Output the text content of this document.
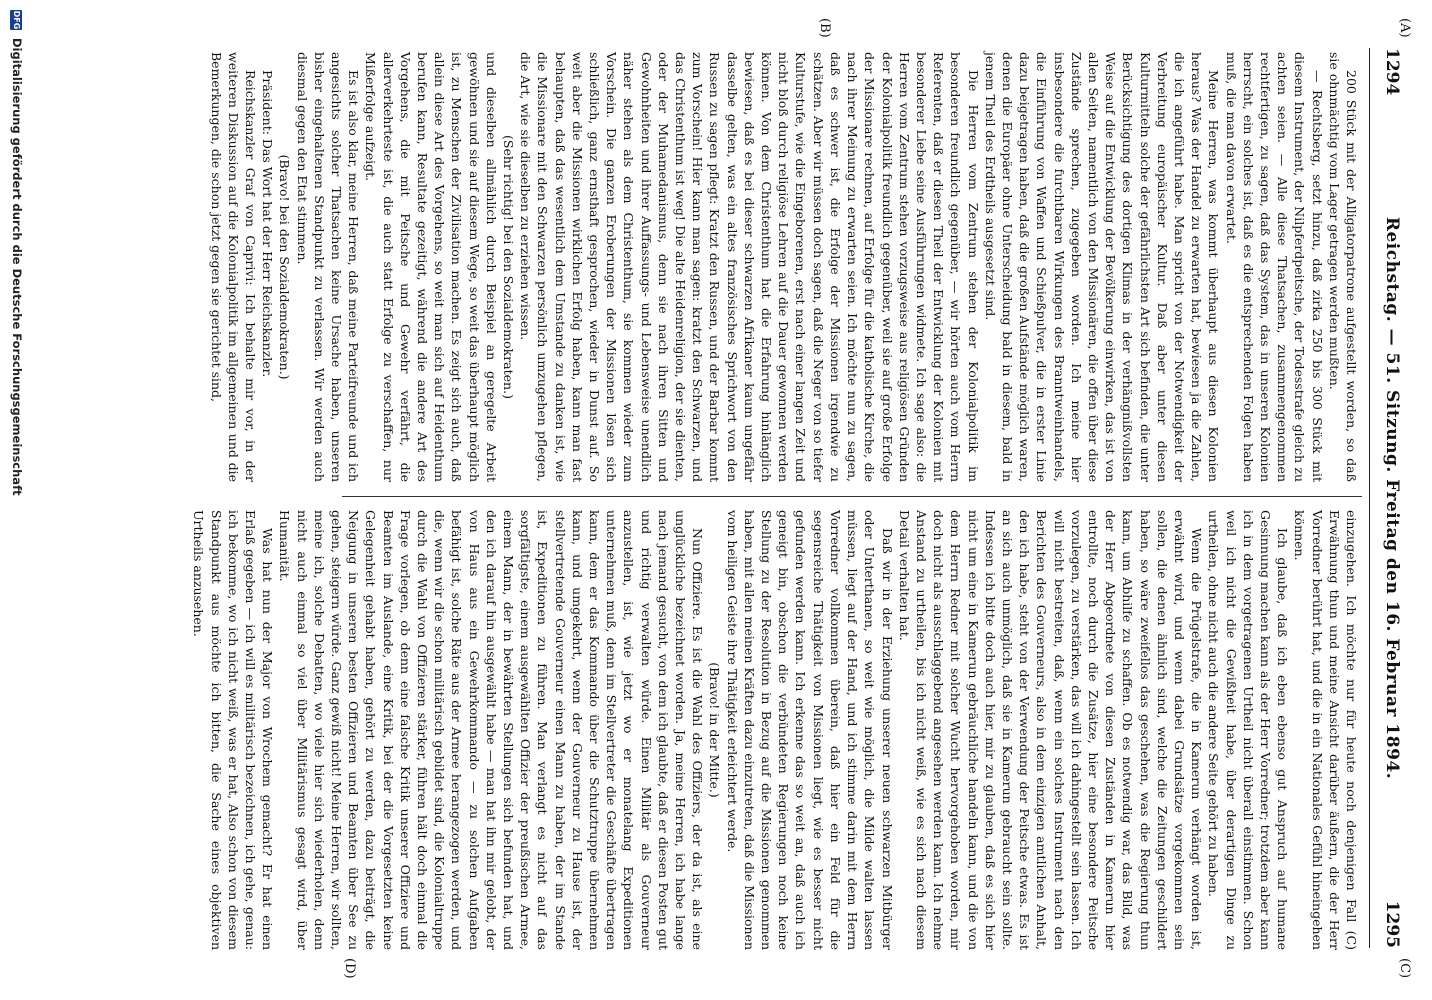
1294
Reichstag. — 51. Sitzung. Freitag den 16. Februar 1894.
1295
(A)
(B)
(C)
(D)

200 Stück mit der Alligatorpatrone aufgestellt worden, so daß sie ohnmächtig vom Lager getragen werden mußten.

— Rechtsberg, setzt hinzu, daß zirka 250 bis 300 Stück mit diesem Instrument, der Nilpferdpeitsche, der Todesstrafe gleich zu achten seien. — Alle diese Thatsachen, zusammengenommen rechtfertigen, zu sagen, daß das System, das in unseren Kolonien herrscht, ein solches ist, daß es die entsprechenden Folgen haben muß, die man davon erwartet.

Meine Herren, was kommt überhaupt aus diesen Kolonien heraus? Was der Handel zu erwarten hat, bewiesen ja die Zahlen, die ich angeführt habe. Man spricht von der Notwendigkeit der Verbreitung europäischer Kultur. Daß aber unter diesen Kulturmitteln solche der gefährlichsten Art sich befinden, die unter Berücksichtigung des dortigen Klimas in der verhängnißvollsten Weise auf die Entwicklung der Bevölkerung einwirken, das ist von allen Seiten, namentlich von den Missionären, die offen über diese Zustände sprechen, zugegeben worden. Ich meine hier insbesondere die furchtbaren Wirkungen des Branntweinhandels, die Einführung von Waffen und Schießpulver, die in erster Linie dazu beigetragen haben, daß die großen Aufstände möglich waren, denen die Europäer ohne Unterscheidung bald in diesem, bald in jenem Theil des Erdtheils ausgesetzt sind.

Die Herren vom Zentrum stehen der Kolonialpolitik im besonderen freundlich gegenüber, — wir hörten auch vom Herrn Referenten, daß er diesen Theil der Entwicklung der Kolonien mit besonderer Liebe seine Ausführungen widmete. Ich sage also: die Herren vom Zentrum stehen vorzugsweise aus religiösen Gründen der Kolonialpolitik freundlich gegenüber, weil sie auf große Erfolge der Missionare rechnen, auf Erfolge für die katholische Kirche, die nach ihrer Meinung zu erwarten seien. Ich möchte nun zu sagen, daß es schwer ist, die Erfolge der Missionen irgendwie zu schätzen. Aber wir müssen doch sagen, daß die Neger von so tiefer Kulturstufe, wie die Eingeborenen, erst nach einer langen Zeit und nicht bloß durch religiöse Lehren auf die Dauer gewonnen werden können. Von dem Christenthum hat die Erfahrung hinlänglich bewiesen, daß es bei dieser schwarzen Afrikaner kaum ungefähr dasselbe gelten, was ein altes französisches Sprichwort von den Russen zu sagen pflegt: Kratzt den Russen, und der Barbar kommt zum Vorschein! Hier kann man sagen: kratzt den Schwarzen, und das Christenthum ist weg! Die alte Heidenreligion, der sie dienten, oder der Muhamedanismus, denn sie nach ihren Sitten und Gewohnheiten und ihrer Auffassungs- und Lebensweise unendlich näher stehen als dem Christenthum, sie kommen wieder zum Vorschein. Die ganzen Eroberungen der Missionen lösen sich schließlich, ganz ernsthaft gesprochen, wieder in Dunst auf. So weit aber die Missionen wirklichen Erfolg haben, kann man fast behaupten, daß das wesentlich dem Umstande zu danken ist, wie die Missionare mit den Schwarzen persönlich umzugehen pflegen, die Art, wie sie dieselben zu erziehen wissen.

(Sehr richtig! bei den Sozialdemokraten.)

und dieselben allmählich durch Beispiel an geregelte Arbeit gewöhnen und sie auf diesem Wege, so weit das überhaupt möglich ist, zu Menschen der Zivilisation machen. Es zeigt sich auch, daß allein diese Art des Vorgehens, so weit man sich auf Heidenthum berufen kann, Resultate gezeitigt, während die andere Art des Vorgehens, die mit Peitsche und Gewehr verfährt, die allerverkehrteste ist, die auch statt Erfolge zu verschaffen, nur Mißerfolge aufzeigt.

Es ist also klar, meine Herren, daß meine Parteifreunde und ich angesichts solcher Thatsachen keine Ursache haben, unseren bisher eingehaltenen Standpunkt zu verlassen. Wir werden auch diesmal gegen den Etat stimmen.

(Bravo! bei den Sozialdemokraten.)

Präsident: Das Wort hat der Herr Reichskanzler.

Reichskanzler Graf von Caprivi: Ich behalte mir vor, in der weiteren Diskussion auf die Kolonialpolitik im allgemeinen und die Bemerkungen, die schon jetzt gegen sie gerichtet sind,

einzugehen. Ich möchte nur für heute noch denjenigen Fall (C) Erwähnung thun und meine Ansicht darüber äußern, die der Herr Vorredner berührt hat, und die in ein Nationales Gefühl hineingehen können.

Ich glaube, daß ich eben ebenso gut Anspruch auf humane Gesinnung machen kann als der Herr Vorredner; trotzdem aber kann ich in dem vorgetragenen Urtheil nicht überall einstimmen. Schon weil ich nicht die Gewißheit habe, über derartigen Dinge zu urtheilen, ohne nicht auch die andere Seite gehört zu haben.

Wenn die Prügelstrafe, die in Kamerun verhängt worden ist, erwähnt wird, und wenn dabei Grundsätze vorgekommen sein sollen, die denen ähnlich sind, welche die Zeitungen geschildert haben, so wäre zweifellos das geschehen, was die Regierung thun kann, um Abhilfe zu schaffen. Ob es notwendig war, das Bild, was der Herr Abgeordnete von diesen Zuständen in Kamerun hier entrollte, noch durch die Zusätze, hier eine besondere Peitsche vorzulegen, zu verstärken, das will ich dahingestellt sein lassen. Ich will nicht bestreiten, daß, wenn ein solches Instrument nach den Berichten des Gouverneurs, also in dem einzigen amtlichen Anhalt, den ich habe, steht von der Verwendung der Peitsche etwas. Es ist an sich auch unmöglich, daß sie in Kamerun gebraucht sein sollte. Indessen ich bitte doch auch hier, mir zu glauben, daß es sich hier nicht um eine in Kamerun gebräuchliche handeln kann, und die von dem Herrn Redner mit solcher Wucht hervorgehoben worden, mir doch nicht als ausschlaggebend angesehen werden kann. Ich nehme Anstand zu urtheilen, bis ich nicht weiß, wie es sich nach diesem Detail verhalten hat.

Daß wir in der Erziehung unserer neuen schwarzen Mitbürger oder Unterthanen, so weit wie möglich, die Milde walten lassen müssen, liegt auf der Hand, und ich stimme darin mit dem Herrn Vorredner vollkommen überein, daß hier ein Feld für die segensreiche Thätigkeit von Missionen liegt, wie es besser nicht gefunden werden kann. Ich erkenne das so weit an, daß auch ich geneigt bin, obschon die verbündeten Regierungen noch keine Stellung zu der Resolution in Bezug auf die Missionen genommen haben, mit allen meinen Kräften dazu einzutreten, daß die Missionen vom heiligen Geiste ihre Thätigkeit erleichtert werde.

(Bravo! in der Mitte.)

Nun Offiziere. Es ist die Wahl des Offiziers, der da ist, als eine unglückliche bezeichnet worden. Ja, meine Herren, ich habe lange nach jemand gesucht, von dem ich glaubte, daß er diesen Posten gut und richtig verwalten würde. Einen Militär als Gouverneur anzustellen, ist, wie jetzt wo er monatelang Expeditionen unternehmen muß, denn im Stellvertreter die Geschäfte übertragen kann, dem er das Kommando über die Schutztruppe übernehmen kann, und umgekehrt, wenn der Gouverneur zu Hause ist, der stellvertretende Gouverneur einen Mann zu haben, der im Stande ist, Expeditionen zu führen. Man verlangt es nicht auf das sorgfältigste, einem ausgewählten Offizier der preußischen Armee, einem Mann, der in bewährten Stellungen sich befunden hat, und den ich darauf hin ausgewählt habe — man hat ihn mir gelobt, der von Haus aus ein Gewehrkommando — zu solchen Aufgaben befähigt ist, solche Räte aus der Armee herangezogen werden, und die, wenn wir die schon militärisch gebildet sind, die Kolonialtruppe durch die Wahl von Offizieren stärker, führen hält doch einmal die Frage vorlegen, ob denn eine falsche Kritik unserer Offiziere und Beamten im Auslande, eine Kritik, bei der die Vorgesetzten keine Gelegenheit gehabt haben, gehört zu werden, dazu beiträgt, die Neigung in unseren besten Offizieren und Beamten über See zu gehen, steigern würde. Ganz gewiß nicht! Meine Herren, wir sollten, meine ich, solche Debatten, wo viele hier sich wiederholen, denn nicht auch einmal so viel über Militärismus gesagt wird, über Humanität.

Was hat nun der Major von Wrochem gemacht? Er hat einen Erlaß gegeben — ich will es militärisch bezeichnen, ich gehe, genau: ich bekomme, wo ich nicht weiß, was er hat, Also schon von diesem Standpunkt aus möchte ich bitten, die Sache eines objektiven Urtheils anzusehen.

DFG Digitalisierung gefördert durch die Deutsche Forschungsgemeinschaft
